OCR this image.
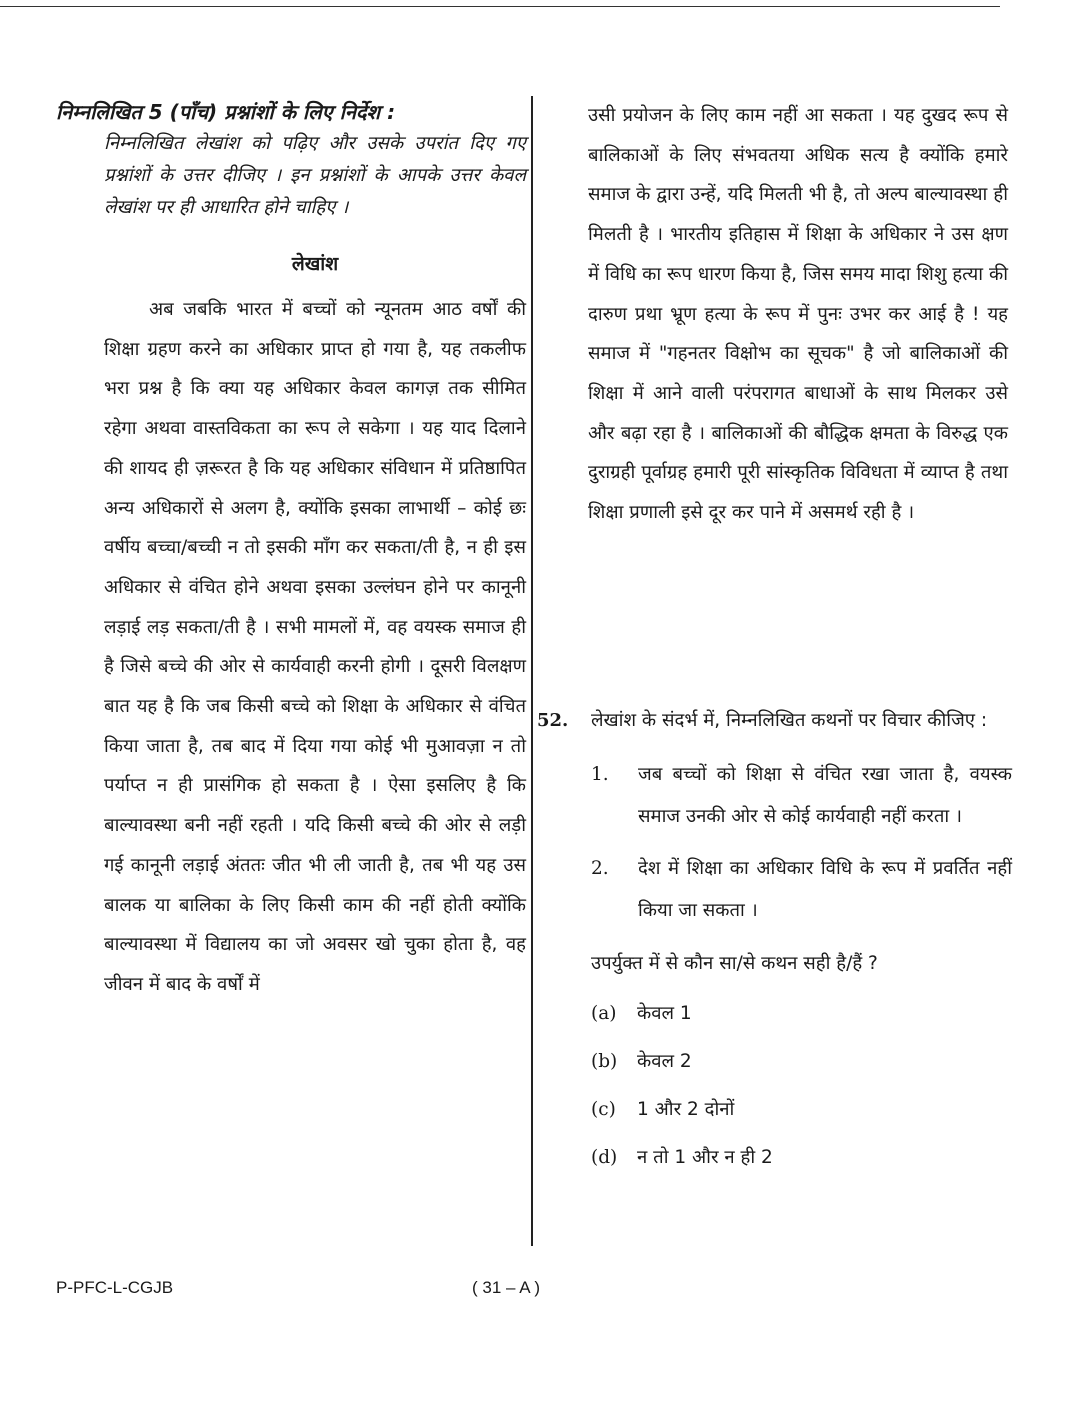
निम्नलिखित 5 (पाँच) प्रश्नांशों के लिए निर्देश :

निम्नलिखित लेखांश को पढ़िए और उसके उपरांत दिए गए प्रश्नांशों के उत्तर दीजिए । इन प्रश्नांशों के आपके उत्तर केवल लेखांश पर ही आधारित होने चाहिए ।

लेखांश

अब जबकि भारत में बच्चों को न्यूनतम आठ वर्षों की शिक्षा ग्रहण करने का अधिकार प्राप्त हो गया है, यह तकलीफ भरा प्रश्न है कि क्या यह अधिकार केवल कागज़ तक सीमित रहेगा अथवा वास्तविकता का रूप ले सकेगा । यह याद दिलाने की शायद ही ज़रूरत है कि यह अधिकार संविधान में प्रतिष्ठापित अन्य अधिकारों से अलग है, क्योंकि इसका लाभार्थी – कोई छः वर्षीय बच्चा/बच्ची न तो इसकी माँग कर सकता/ती है, न ही इस अधिकार से वंचित होने अथवा इसका उल्लंघन होने पर कानूनी लड़ाई लड़ सकता/ती है । सभी मामलों में, वह वयस्क समाज ही है जिसे बच्चे की ओर से कार्यवाही करनी होगी । दूसरी विलक्षण बात यह है कि जब किसी बच्चे को शिक्षा के अधिकार से वंचित किया जाता है, तब बाद में दिया गया कोई भी मुआवज़ा न तो पर्याप्त न ही प्रासंगिक हो सकता है । ऐसा इसलिए है कि बाल्यावस्था बनी नहीं रहती । यदि किसी बच्चे की ओर से लड़ी गई कानूनी लड़ाई अंततः जीत भी ली जाती है, तब भी यह उस बालक या बालिका के लिए किसी काम की नहीं होती क्योंकि बाल्यावस्था में विद्यालय का जो अवसर खो चुका होता है, वह जीवन में बाद के वर्षों में

उसी प्रयोजन के लिए काम नहीं आ सकता । यह दुखद रूप से बालिकाओं के लिए संभवतया अधिक सत्य है क्योंकि हमारे समाज के द्वारा उन्हें, यदि मिलती भी है, तो अल्प बाल्यावस्था ही मिलती है । भारतीय इतिहास में शिक्षा के अधिकार ने उस क्षण में विधि का रूप धारण किया है, जिस समय मादा शिशु हत्या की दारुण प्रथा भ्रूण हत्या के रूप में पुनः उभर कर आई है ! यह समाज में "गहनतर विक्षोभ का सूचक" है जो बालिकाओं की शिक्षा में आने वाली परंपरागत बाधाओं के साथ मिलकर उसे और बढ़ा रहा है । बालिकाओं की बौद्धिक क्षमता के विरुद्ध एक दुराग्रही पूर्वाग्रह हमारी पूरी सांस्कृतिक विविधता में व्याप्त है तथा शिक्षा प्रणाली इसे दूर कर पाने में असमर्थ रही है ।

52. लेखांश के संदर्भ में, निम्नलिखित कथनों पर विचार कीजिए :

1. जब बच्चों को शिक्षा से वंचित रखा जाता है, वयस्क समाज उनकी ओर से कोई कार्यवाही नहीं करता ।
2. देश में शिक्षा का अधिकार विधि के रूप में प्रवर्तित नहीं किया जा सकता ।
उपर्युक्त में से कौन सा/से कथन सही है/हैं ?
(a) केवल 1
(b) केवल 2
(c) 1 और 2 दोनों
(d) न तो 1 और न ही 2
P-PFC-L-CGJB	( 31 – A )
